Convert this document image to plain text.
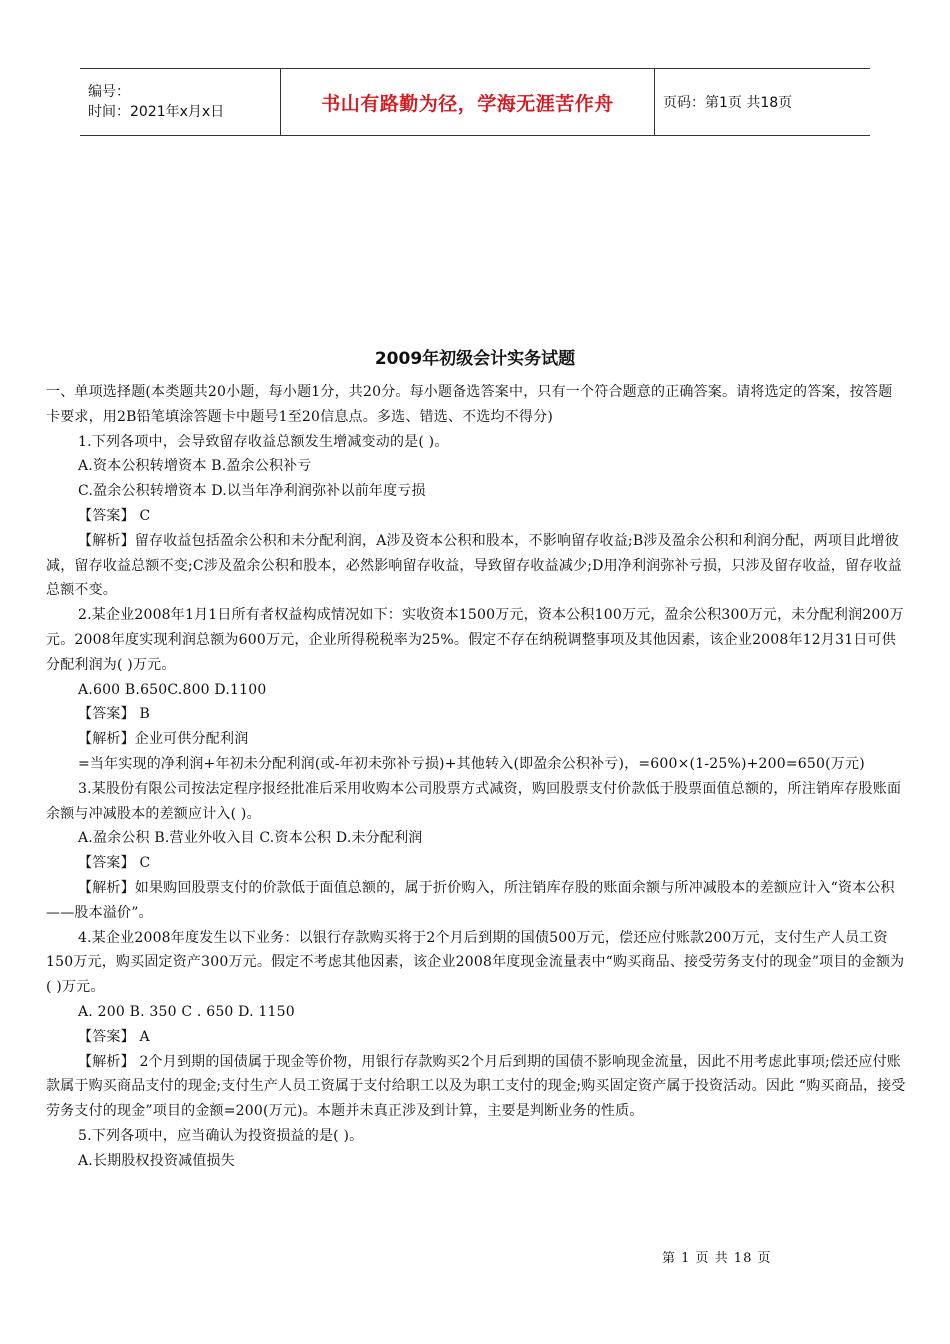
编号：
时间：2021年x月x日	书山有路勤为径，学海无涯苦作舟	页码：第1页 共18页
2009年初级会计实务试题

一、单项选择题(本类题共20小题，每小题1分，共20分。每小题备选答案中，只有一个符合题意的正确答案。请将选定的答案，按答题卡要求，用2B铅笔填涂答题卡中题号1至20信息点。多选、错选、不选均不得分)

1.下列各项中，会导致留存收益总额发生增减变动的是( )。

A.资本公积转增资本 B.盈余公积补亏

C.盈余公积转增资本 D.以当年净利润弥补以前年度亏损

【答案】 C

【解析】留存收益包括盈余公积和未分配利润，A涉及资本公积和股本，不影响留存收益;B涉及盈余公积和利润分配，两项目此增彼减，留存收益总额不变;C涉及盈余公积和股本，必然影响留存收益，导致留存收益减少;D用净利润弥补亏损，只涉及留存收益，留存收益总额不变。

2.某企业2008年1月1日所有者权益构成情况如下：实收资本1500万元，资本公积100万元，盈余公积300万元，未分配利润200万元。2008年度实现利润总额为600万元，企业所得税税率为25%。假定不存在纳税调整事项及其他因素，该企业2008年12月31日可供分配利润为( )万元。

A.600 B.650C.800 D.1100

【答案】 B

【解析】企业可供分配利润

=当年实现的净利润+年初未分配利润(或-年初未弥补亏损)+其他转入(即盈余公积补亏)，=600×(1-25%)+200=650(万元)

3.某股份有限公司按法定程序报经批准后采用收购本公司股票方式减资，购回股票支付价款低于股票面值总额的，所注销库存股账面余额与冲减股本的差额应计入( )。

A.盈余公积 B.营业外收入目 C.资本公积 D.未分配利润

【答案】 C

【解析】如果购回股票支付的价款低于面值总额的，属于折价购入，所注销库存股的账面余额与所冲减股本的差额应计入“资本公积——股本溢价”。

4.某企业2008年度发生以下业务：以银行存款购买将于2个月后到期的国债500万元，偿还应付账款200万元，支付生产人员工资150万元，购买固定资产300万元。假定不考虑其他因素，该企业2008年度现金流量表中“购买商品、接受劳务支付的现金”项目的金额为( )万元。

A. 200 B. 350 C . 650 D. 1150

【答案】 A

【解析】 2个月到期的国债属于现金等价物，用银行存款购买2个月后到期的国债不影响现金流量，因此不用考虑此事项;偿还应付账款属于购买商品支付的现金;支付生产人员工资属于支付给职工以及为职工支付的现金;购买固定资产属于投资活动。因此 “购买商品，接受劳务支付的现金”项目的金额=200(万元)。本题并未真正涉及到计算，主要是判断业务的性质。

5.下列各项中，应当确认为投资损益的是( )。

A.长期股权投资减值损失

第 1 页 共 18 页
